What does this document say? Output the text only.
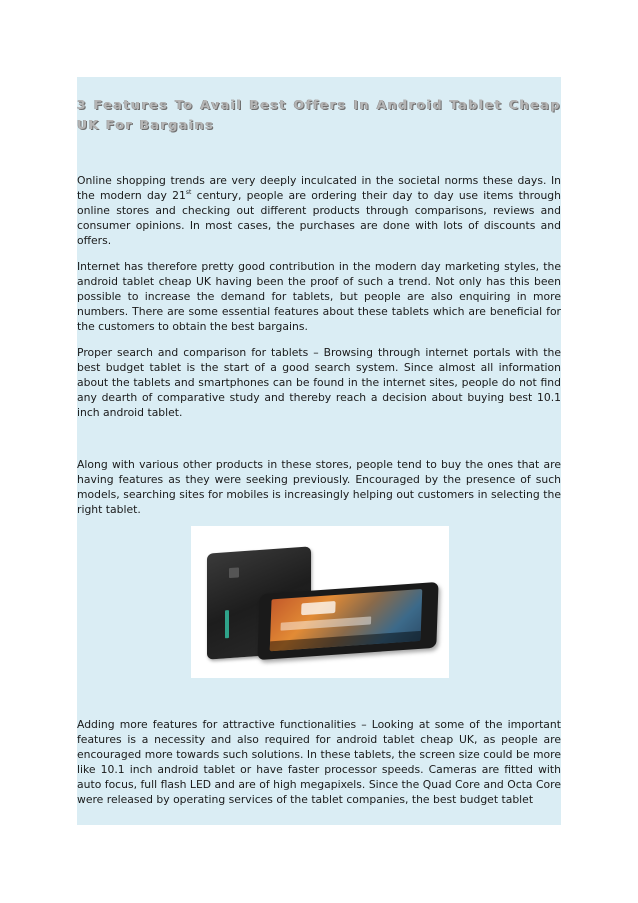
3 Features To Avail Best Offers In Android Tablet Cheap UK For Bargains

Online shopping trends are very deeply inculcated in the societal norms these days. In the modern day 21st century, people are ordering their day to day use items through online stores and checking out different products through comparisons, reviews and consumer opinions. In most cases, the purchases are done with lots of discounts and offers.

Internet has therefore pretty good contribution in the modern day marketing styles, the android tablet cheap UK having been the proof of such a trend. Not only has this been possible to increase the demand for tablets, but people are also enquiring in more numbers. There are some essential features about these tablets which are beneficial for the customers to obtain the best bargains.

Proper search and comparison for tablets – Browsing through internet portals with the best budget tablet is the start of a good search system. Since almost all information about the tablets and smartphones can be found in the internet sites, people do not find any dearth of comparative study and thereby reach a decision about buying best 10.1 inch android tablet.

Along with various other products in these stores, people tend to buy the ones that are having features as they were seeking previously. Encouraged by the presence of such models, searching sites for mobiles is increasingly helping out customers in selecting the right tablet.

Adding more features for attractive functionalities – Looking at some of the important features is a necessity and also required for android tablet cheap UK, as people are encouraged more towards such solutions. In these tablets, the screen size could be more like 10.1 inch android tablet or have faster processor speeds. Cameras are fitted with auto focus, full flash LED and are of high megapixels. Since the Quad Core and Octa Core were released by operating services of the tablet companies, the best budget tablet
